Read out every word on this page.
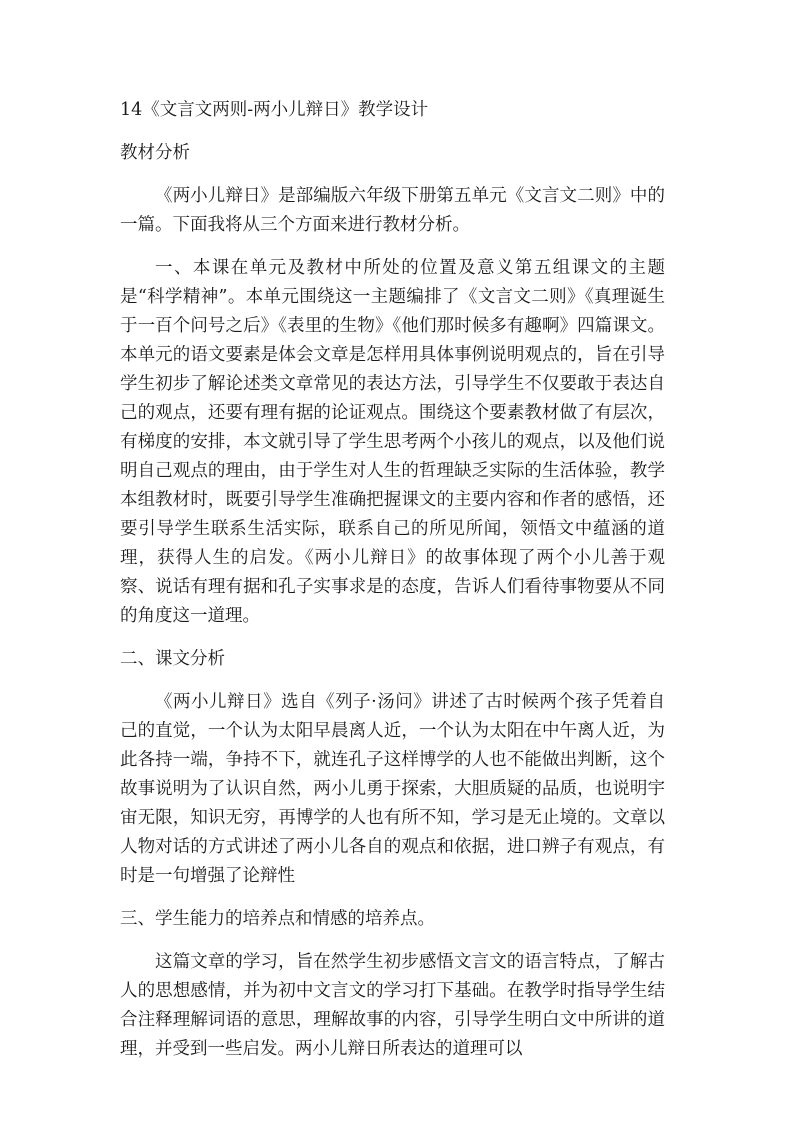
14《文言文两则-两小儿辩日》教学设计

教材分析

《两小儿辩日》是部编版六年级下册第五单元《文言文二则》中的一篇。下面我将从三个方面来进行教材分析。

一、本课在单元及教材中所处的位置及意义第五组课文的主题是“科学精神”。本单元围绕这一主题编排了《文言文二则》《真理诞生于一百个问号之后》《表里的生物》《他们那时候多有趣啊》四篇课文。本单元的语文要素是体会文章是怎样用具体事例说明观点的，旨在引导学生初步了解论述类文章常见的表达方法，引导学生不仅要敢于表达自己的观点，还要有理有据的论证观点。围绕这个要素教材做了有层次，有梯度的安排，本文就引导了学生思考两个小孩儿的观点，以及他们说明自己观点的理由，由于学生对人生的哲理缺乏实际的生活体验，教学本组教材时，既要引导学生准确把握课文的主要内容和作者的感悟，还要引导学生联系生活实际，联系自己的所见所闻，领悟文中蕴涵的道理，获得人生的启发。《两小儿辩日》的故事体现了两个小儿善于观察、说话有理有据和孔子实事求是的态度，告诉人们看待事物要从不同的角度这一道理。

二、课文分析

《两小儿辩日》选自《列子·汤问》讲述了古时候两个孩子凭着自己的直觉，一个认为太阳早晨离人近，一个认为太阳在中午离人近，为此各持一端，争持不下，就连孔子这样博学的人也不能做出判断，这个故事说明为了认识自然，两小儿勇于探索，大胆质疑的品质，也说明宇宙无限，知识无穷，再博学的人也有所不知，学习是无止境的。文章以人物对话的方式讲述了两小儿各自的观点和依据，进口辨子有观点，有时是一句增强了论辩性

三、学生能力的培养点和情感的培养点。

这篇文章的学习，旨在然学生初步感悟文言文的语言特点，了解古人的思想感情，并为初中文言文的学习打下基础。在教学时指导学生结合注释理解词语的意思，理解故事的内容，引导学生明白文中所讲的道理，并受到一些启发。两小儿辩日所表达的道理可以
